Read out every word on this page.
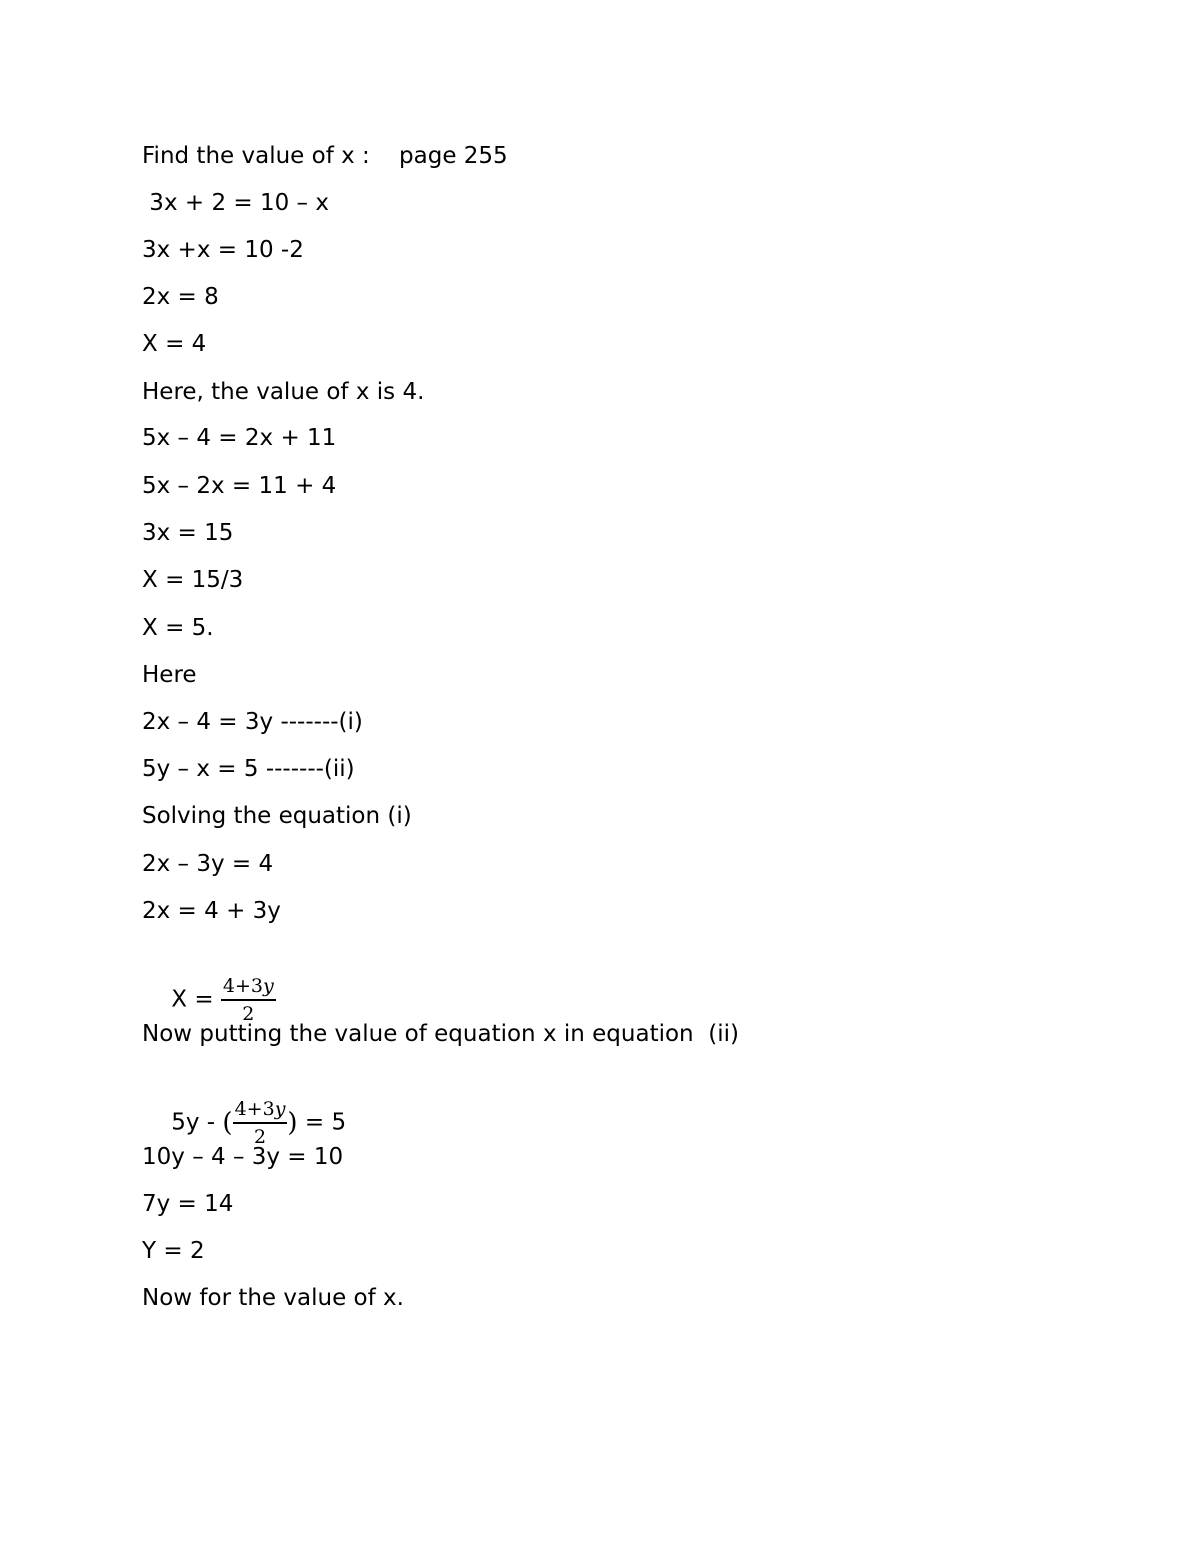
Find the value of x :    page 255
3x + 2 = 10 – x
3x +x = 10 -2
2x = 8
X = 4
Here, the value of x is 4.
5x – 4 = 2x + 11
5x – 2x = 11 + 4
3x = 15
X = 15/3
X = 5.
Here
2x – 4 = 3y -------(i)
5y – x = 5 -------(ii)
Solving the equation (i)
2x – 3y = 4
2x = 4 + 3y

$X = \frac{4+3y}{2}$

Now putting the value of equation x in equation  (ii)

5y - ( $\frac{4+3y}{2}$ ) = 5

10y – 4 – 3y = 10
7y = 14
Y = 2
Now for the value of x.
